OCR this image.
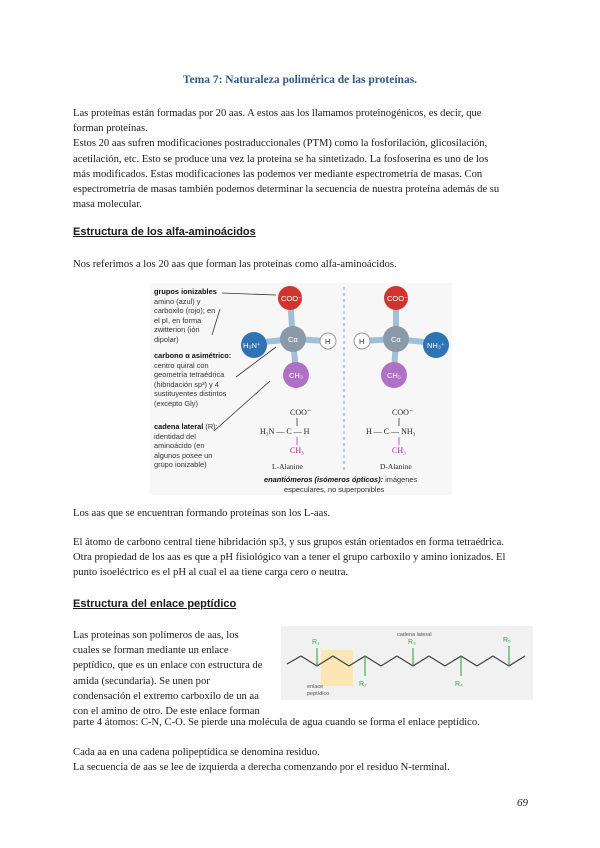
Tema 7: Naturaleza polimérica de las proteínas.
Las proteínas están formadas por 20 aas. A estos aas los llamamos proteinogénicos, es decir, que
forman proteínas.
Estos 20 aas sufren modificaciones postraduccionales (PTM) como la fosforilación, glicosilación,
acetilación, etc. Esto se produce una vez la proteína se ha sintetizado. La fosfoserina es uno de los
más modificados. Estas modificaciones las podemos ver mediante espectrometría de masas. Con
espectrometría de masas también podemos determinar la secuencia de nuestra proteína además de su
masa molecular.
Estructura de los alfa-aminoácidos
Nos referimos a los 20 aas que forman las proteínas como alfa-aminoácidos.
grupos ionizables
amino (azul) y
carboxilo (rojo); en
el pI, en forma
zwitterion (ión
dipolar)
carbono α asimétrico:
centro quiral con
geometría tetraédrica
(hibridación sp³) y 4
sustituyentes distintos
(excepto Gly)
cadena lateral (R):
identidad del
aminoácido (en
algunos posee un
grupo ionizable)
COO⁻
H₃N⁺
Cα	H
CH₃
COO⁻
H	NH₃⁺
Cα
CH₃
COO⁻
H₃N — C — H
CH₃
L-Alanine
COO⁻
H — C — NH₃
CH₃
D-Alanine
enantiómeros (isómeros ópticos): imágenes
especulares, no superponibles
Los aas que se encuentran formando proteínas son los L-aas.
El átomo de carbono central tiene hibridación sp3, y sus grupos están orientados en forma tetraédrica.
Otra propiedad de los aas es que a pH fisiológico van a tener el grupo carboxilo y amino ionizados. El
punto isoeléctrico es el pH al cual el aa tiene carga cero o neutra.
Estructura del enlace peptídico
Las proteínas son polímeros de aas, los
cuales se forman mediante un enlace
peptídico, que es un enlace con estructura de
amida (secundaria). Se unen por
condensación el extremo carboxilo de un aa
con el amino de otro. De este enlace forman
R₁
R₂
R₃
R₄
R₅
cadena lateral
enlace
peptídico
parte 4 átomos: C-N, C-O. Se pierde una molécula de agua cuando se forma el enlace peptídico.
Cada aa en una cadena polipeptídica se denomina residuo.
La secuencia de aas se lee de izquierda a derecha comenzando por el residuo N-terminal.
69
